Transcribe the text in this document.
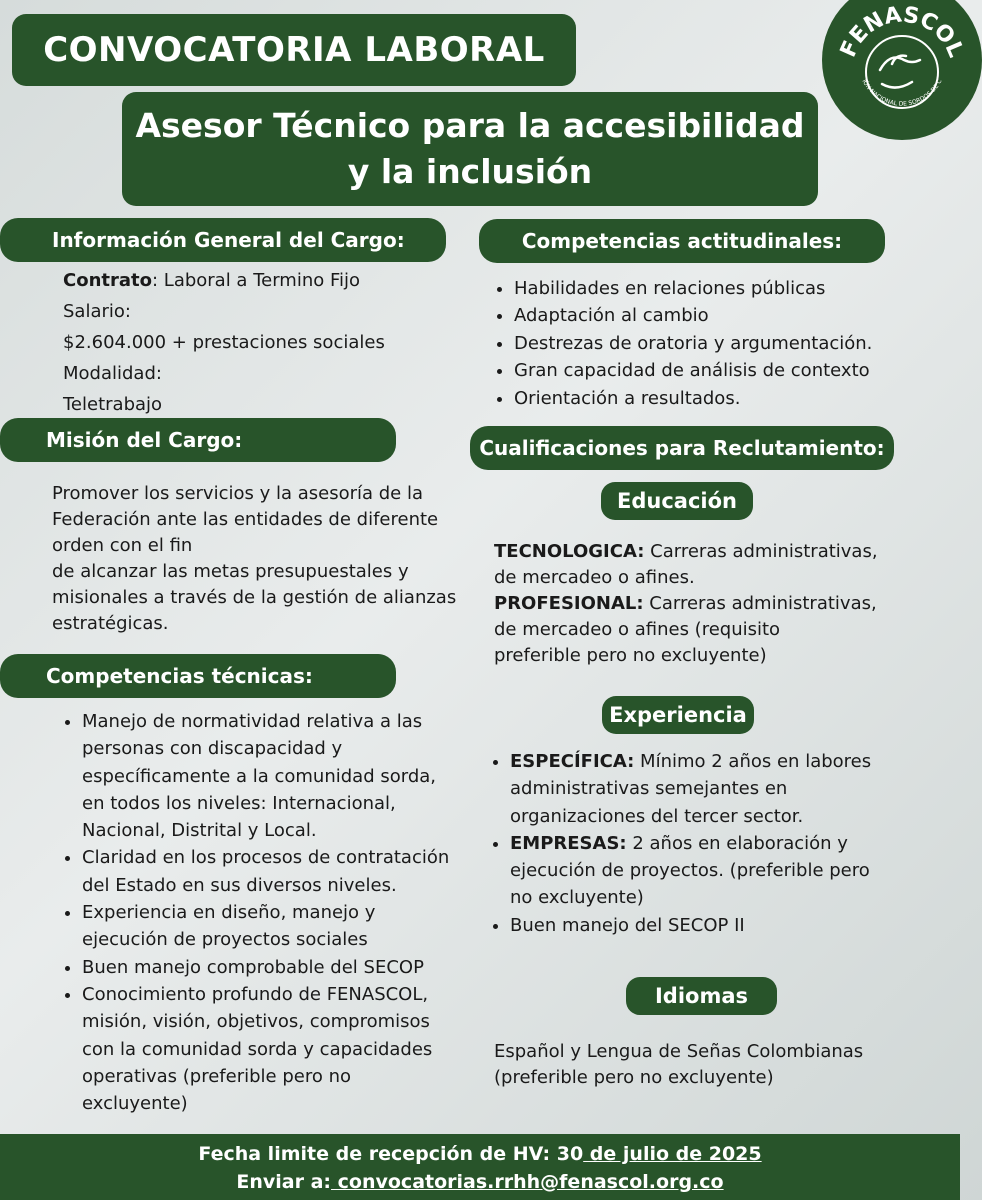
CONVOCATORIA LABORAL
Asesor Técnico para la accesibilidad
y la inclusión
FENASCOL
IÓN NACIONAL DE SORDOS DE C
Información General del Cargo:
Contrato: Laboral a Termino Fijo
Salario:
$2.604.000 + prestaciones sociales
Modalidad:
Teletrabajo
Misión del Cargo:
Promover los servicios y la asesoría de la
Federación ante las entidades de diferente
orden con el fin
de alcanzar las metas presupuestales y
misionales a través de la gestión de alianzas
estratégicas.
Competencias técnicas:
• Manejo de normatividad relativa a las personas con discapacidad y específicamente a la comunidad sorda, en todos los niveles: Internacional, Nacional, Distrital y Local.
• Claridad en los procesos de contratación del Estado en sus diversos niveles.
• Experiencia en diseño, manejo y ejecución de proyectos sociales
• Buen manejo comprobable del SECOP
• Conocimiento profundo de FENASCOL, misión, visión, objetivos, compromisos con la comunidad sorda y capacidades operativas (preferible pero no excluyente)
Competencias actitudinales:
• Habilidades en relaciones públicas
• Adaptación al cambio
• Destrezas de oratoria y argumentación.
• Gran capacidad de análisis de contexto
• Orientación a resultados.
Cualificaciones para Reclutamiento:
Educación
TECNOLOGICA: Carreras administrativas,
de mercadeo o afines.
PROFESIONAL: Carreras administrativas,
de mercadeo o afines (requisito
preferible pero no excluyente)
Experiencia
• ESPECÍFICA: Mínimo 2 años en labores administrativas semejantes en organizaciones del tercer sector.
• EMPRESAS: 2 años en elaboración y ejecución de proyectos. (preferible pero no excluyente)
• Buen manejo del SECOP II
Idiomas
Español y Lengua de Señas Colombianas
(preferible pero no excluyente)
Fecha limite de recepción de HV: 30 de julio de 2025
Enviar a: convocatorias.rrhh@fenascol.org.co
